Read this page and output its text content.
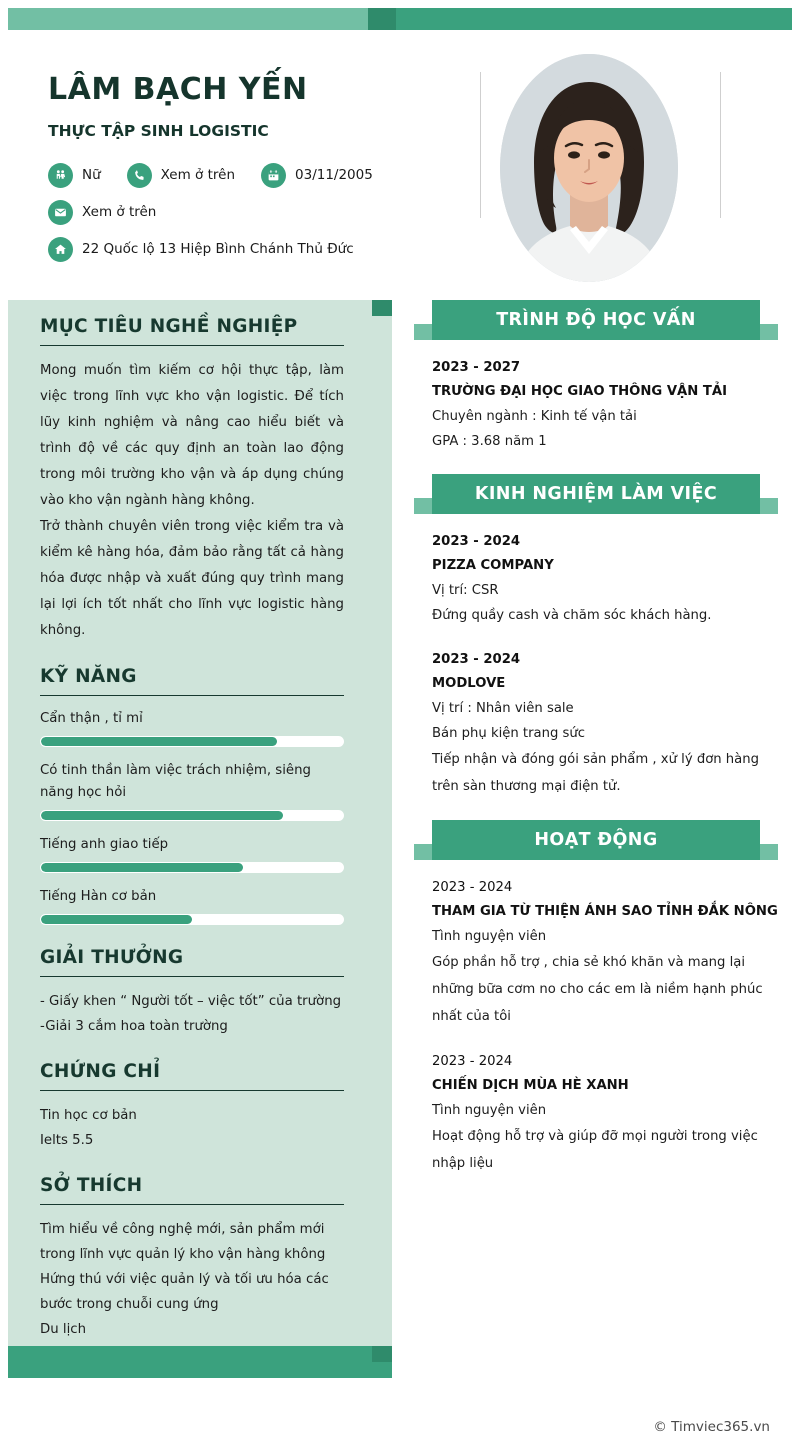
LÂM BẠCH YẾN
THỰC TẬP SINH LOGISTIC
Nữ	Xem ở trên	03/11/2005
Xem ở trên
22 Quốc lộ 13 Hiệp Bình Chánh Thủ Đức
MỤC TIÊU NGHỀ NGHIỆP
Mong muốn tìm kiếm cơ hội thực tập, làm việc trong lĩnh vực kho vận logistic. Để tích lũy kinh nghiệm và nâng cao hiểu biết và trình độ về các quy định an toàn lao động trong môi trường kho vận và áp dụng chúng vào kho vận ngành hàng không.
Trở thành chuyên viên trong việc kiểm tra và kiểm kê hàng hóa, đảm bảo rằng tất cả hàng hóa được nhập và xuất đúng quy trình mang lại lợi ích tốt nhất cho lĩnh vực logistic hàng không.
KỸ NĂNG
Cẩn thận , tỉ mỉ
Có tinh thần làm việc trách nhiệm, siêng năng học hỏi
Tiếng anh giao tiếp
Tiếng Hàn cơ bản
GIẢI THƯỞNG
- Giấy khen “ Người tốt – việc tốt” của trường
-Giải 3 cắm hoa toàn trường
CHỨNG CHỈ
Tin học cơ bản
Ielts 5.5
SỞ THÍCH
Tìm hiểu về công nghệ mới, sản phẩm mới trong lĩnh vực quản lý kho vận hàng không
Hứng thú với việc quản lý và tối ưu hóa các bước trong chuỗi cung ứng
Du lịch
TRÌNH ĐỘ HỌC VẤN
2023 - 2027
TRƯỜNG ĐẠI HỌC GIAO THÔNG VẬN TẢI
Chuyên ngành : Kinh tế vận tải
GPA : 3.68 năm 1
KINH NGHIỆM LÀM VIỆC
2023 - 2024
PIZZA COMPANY
Vị trí: CSR
Đứng quầy cash và chăm sóc khách hàng.
2023 - 2024
MODLOVE
Vị trí : Nhân viên sale
Bán phụ kiện trang sức
Tiếp nhận và đóng gói sản phẩm , xử lý đơn hàng trên sàn thương mại điện tử.
HOẠT ĐỘNG
2023 - 2024
THAM GIA TỪ THIỆN ÁNH SAO TỈNH ĐẮK NÔNG
Tình nguyện viên
Góp phần hỗ trợ , chia sẻ khó khăn và mang lại những bữa cơm no cho các em là niềm hạnh phúc nhất của tôi
2023 - 2024
CHIẾN DỊCH MÙA HÈ XANH
Tình nguyện viên
Hoạt động hỗ trợ và giúp đỡ mọi người trong việc nhập liệu
© Timviec365.vn
